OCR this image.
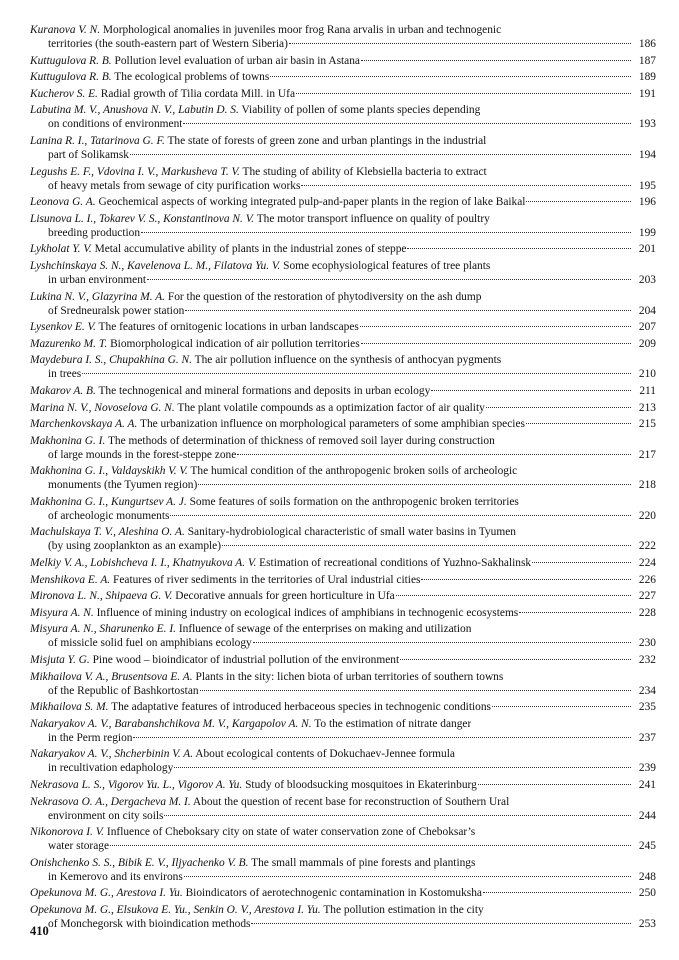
Kuranova V. N. Morphological anomalies in juveniles moor frog Rana arvalis in urban and technogenic
territories (the south-eastern part of Western Siberia)	186
Kuttugulova R. B. Pollution level evaluation of urban air basin in Astana	187
Kuttugulova R. B. The ecological problems of towns	189
Kucherov S. E. Radial growth of Tilia cordata Mill. in Ufa	191
Labutina M. V., Anushova N. V., Labutin D. S. Viability of pollen of some plants species depending
on conditions of environment	193
Lanina R. I., Tatarinova G. F. The state of forests of green zone and urban plantings in the industrial
part of Solikamsk	194
Legushs E. F., Vdovina I. V., Markusheva T. V. The studing of ability of Klebsiella bacteria to extract
of heavy metals from sewage of city purification works	195
Leonova G. A. Geochemical aspects of working integrated pulp-and-paper plants in the region of lake Baikal	196
Lisunova L. I., Tokarev V. S., Konstantinova N. V. The motor transport influence on quality of poultry
breeding production	199
Lykholat Y. V. Metal accumulative ability of plants in the industrial zones of steppe	201
Lyshchinskaya S. N., Kavelenova L. M., Filatova Yu. V. Some ecophysiological features of tree plants
in urban environment	203
Lukina N. V., Glazyrina M. A. For the question of the restoration of phytodiversity on the ash dump
of Sredneuralsk power station	204
Lysenkov E. V. The features of ornitogenic locations in urban landscapes	207
Mazurenko M. T. Biomorphological indication of air pollution territories	209
Maydebura I. S., Chupakhina G. N. The air pollution influence on the synthesis of anthocyan pygments
in trees	210
Makarov A. B. The technogenical and mineral formations and deposits in urban ecology	211
Marina N. V., Novoselova G. N. The plant volatile compounds as a optimization factor of air quality	213
Marchenkovskaya A. A. The urbanization influence on morphological parameters of some amphibian species	215
Makhonina G. I. The methods of determination of thickness of removed soil layer during construction
of large mounds in the forest-steppe zone	217
Makhonina G. I., Valdayskikh V. V. The humical condition of the anthropogenic broken soils of archeologic
monuments (the Tyumen region)	218
Makhonina G. I., Kungurtsev A. J. Some features of soils formation on the anthropogenic broken territories
of archeologic monuments	220
Machulskaya T. V., Aleshina O. A. Sanitary-hydrobiological characteristic of small water basins in Tyumen
(by using zooplankton as an example)	222
Melkiy V. A., Lobishcheva I. I., Khatnyukova A. V. Estimation of recreational conditions of Yuzhno-Sakhalinsk	224
Menshikova E. A. Features of river sediments in the territories of Ural industrial cities	226
Mironova L. N., Shipaeva G. V. Decorative annuals for green horticulture in Ufa	227
Misyura A. N. Influence of mining industry on ecological indices of amphibians in technogenic ecosystems	228
Misyura A. N., Sharunenko E. I. Influence of sewage of the enterprises on making and utilization
of missicle solid fuel on amphibians ecology	230
Misjuta Y. G. Pine wood – bioindicator of industrial pollution of the environment	232
Mikhailova V. A., Brusentsova E. A. Plants in the sity: lichen biota of urban territories of southern towns
of the Republic of Bashkortostan	234
Mikhailova S. M. The adaptative features of introduced herbaceous species in technogenic conditions	235
Nakaryakov A. V., Barabanshchikova M. V., Kargapolov A. N. To the estimation of nitrate danger
in the Perm region	237
Nakaryakov A. V., Shcherbinin V. A. About ecological contents of Dokuchaev-Jennee formula
in recultivation edaphology	239
Nekrasova L. S., Vigorov Yu. L., Vigorov A. Yu. Study of bloodsucking mosquitoes in Ekaterinburg	241
Nekrasova O. A., Dergacheva M. I. About the question of recent base for reconstruction of Southern Ural
environment on city soils	244
Nikonorova I. V. Influence of Cheboksary city on state of water conservation zone of Cheboksar’s
water storage	245
Onishchenko S. S., Bibik E. V., Iljyachenko V. B. The small mammals of pine forests and plantings
in Kemerovo and its environs	248
Opekunova M. G., Arestova I. Yu. Bioindicators of aerotechnogenic contamination in Kostomuksha	250
Opekunova M. G., Elsukova E. Yu., Senkin O. V., Arestova I. Yu. The pollution estimation in the city
of Monchegorsk with bioindication methods	253
410
